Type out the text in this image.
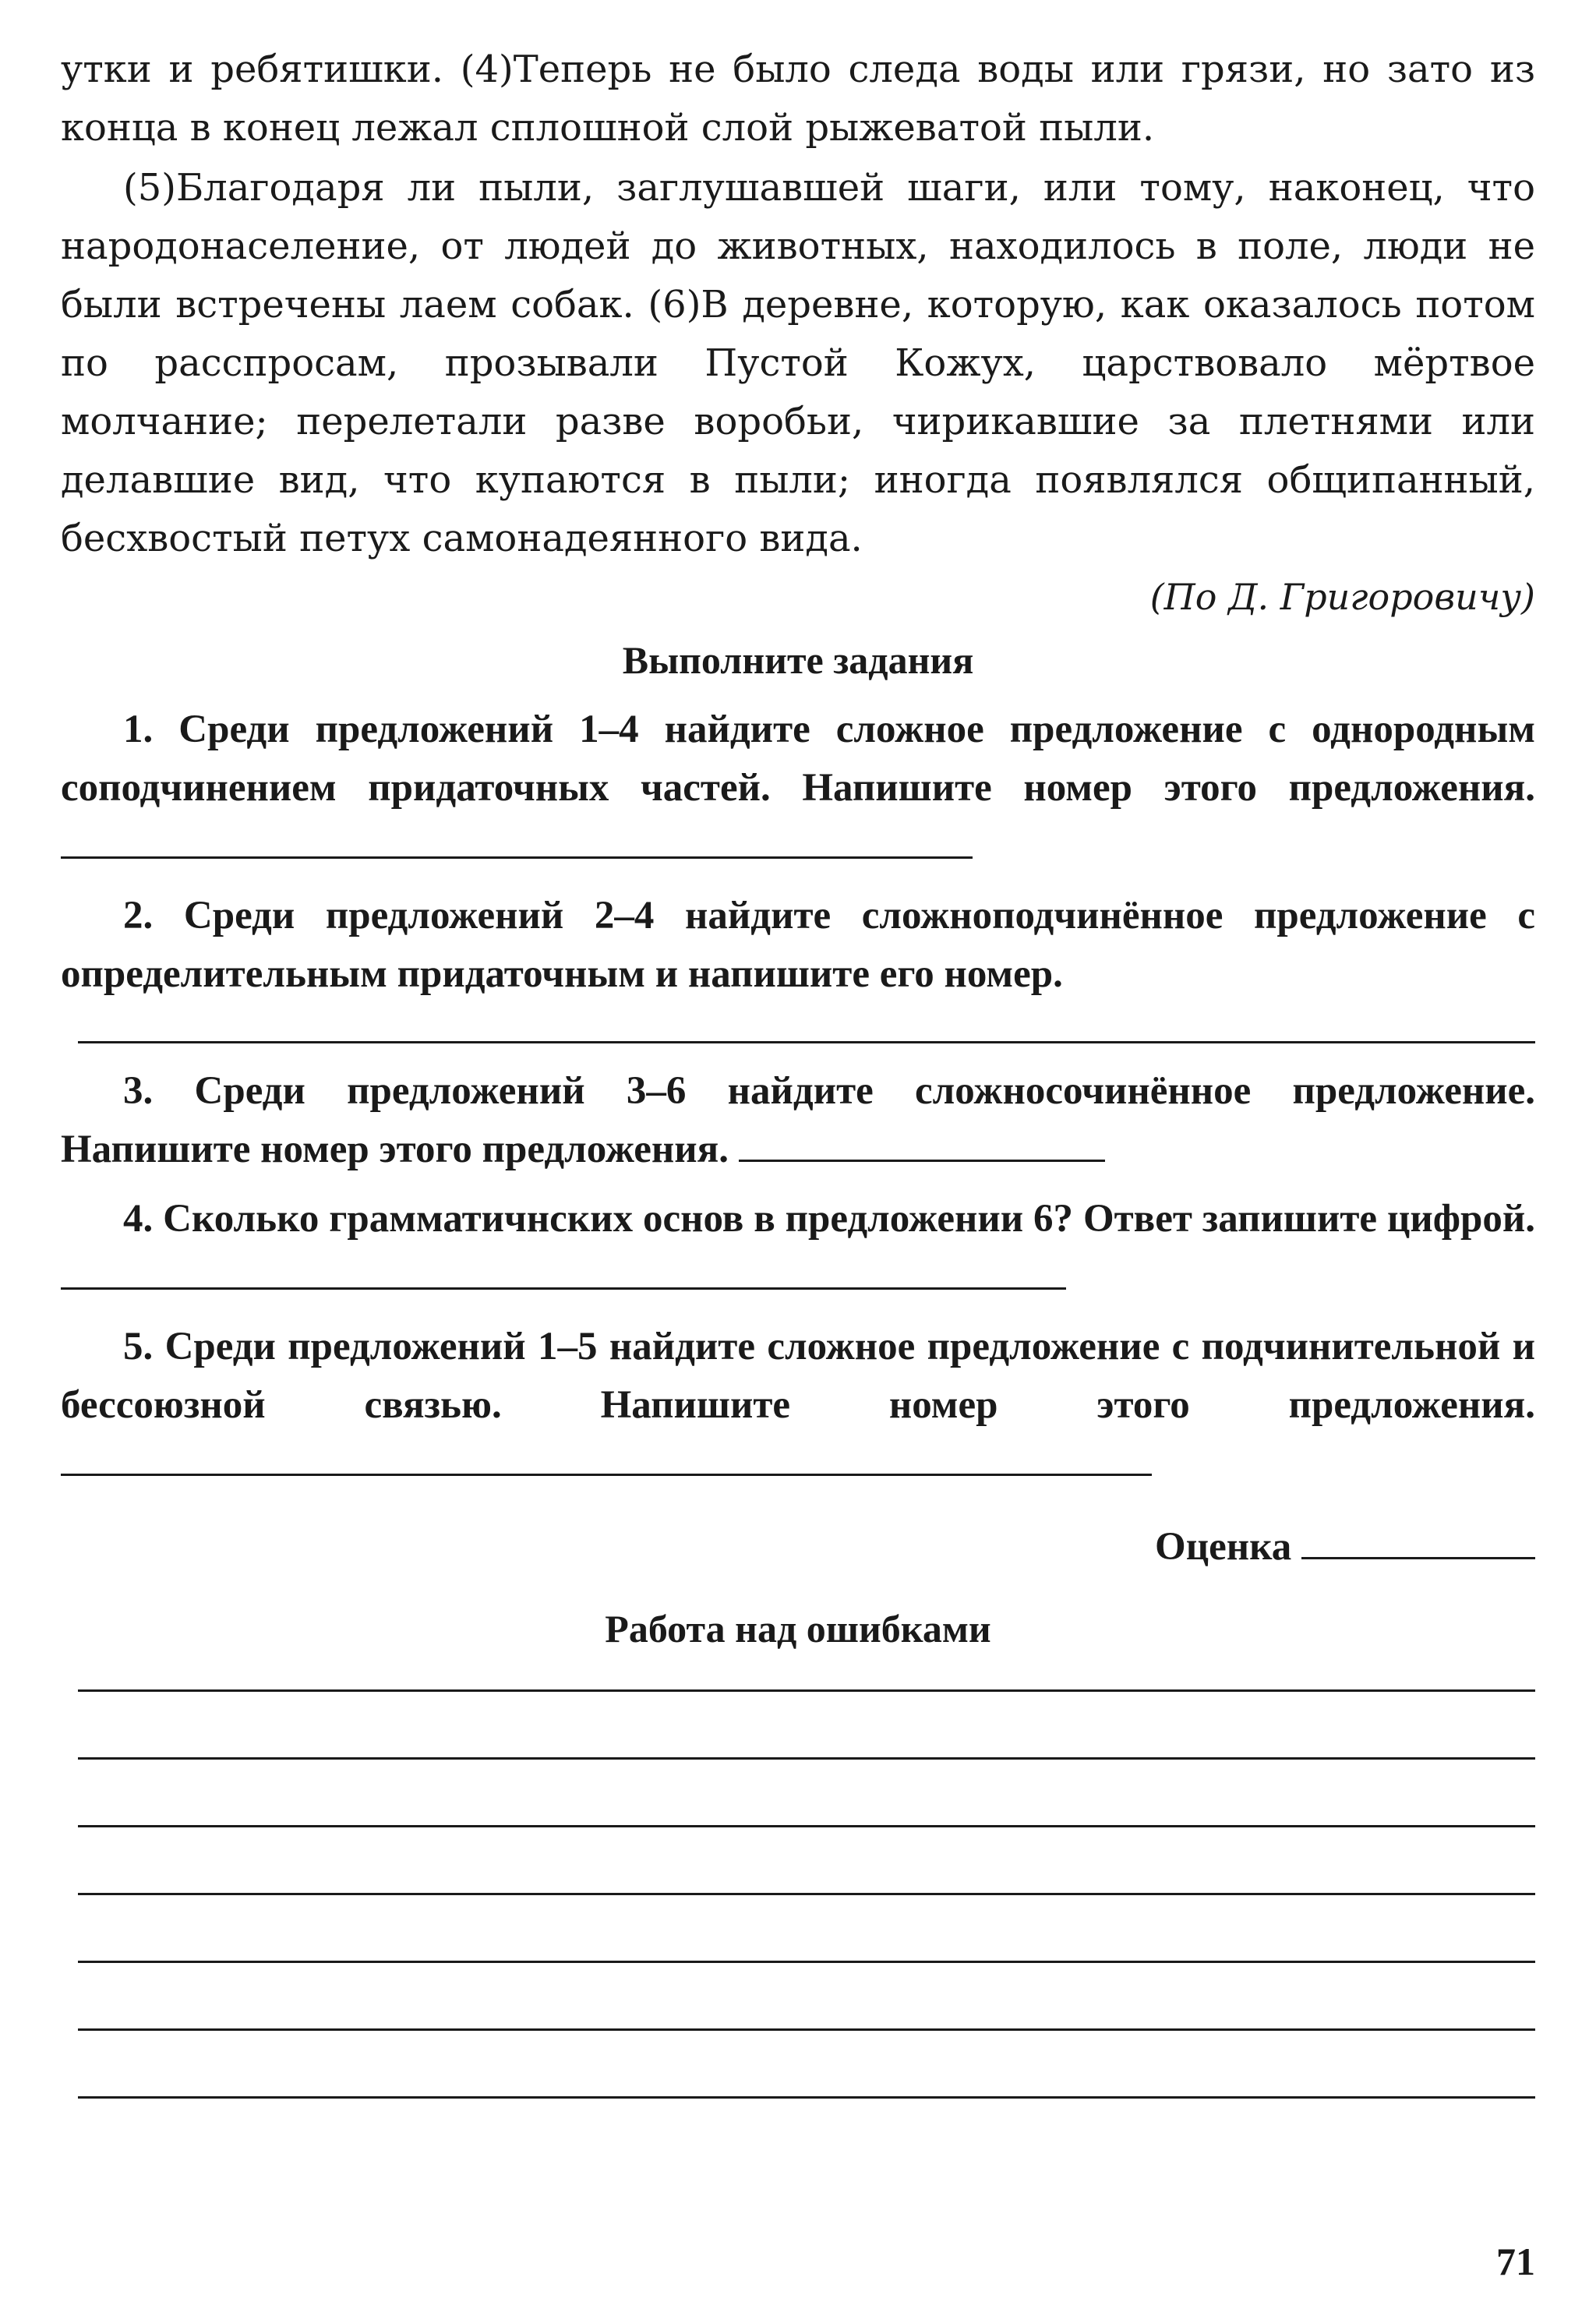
утки и ребятишки. (4)Теперь не было следа воды или грязи, но зато из конца в конец лежал сплошной слой рыжеватой пыли.

(5)Благодаря ли пыли, заглушавшей шаги, или тому, наконец, что народонаселение, от людей до животных, находилось в поле, люди не были встречены лаем собак. (6)В деревне, которую, как оказалось потом по расспросам, прозывали Пустой Кожух, царствовало мёртвое молчание; перелетали разве воробьи, чирикавшие за плетнями или делавшие вид, что купаются в пыли; иногда появлялся общипанный, бесхвостый петух самонадеянного вида.

(По Д. Григоровичу)

Выполните задания

1. Среди предложений 1–4 найдите сложное предложение с однородным соподчинением придаточных частей. Напишите номер этого предложения.

2. Среди предложений 2–4 найдите сложноподчинённое предложение с определительным придаточным и напишите его номер.

3. Среди предложений 3–6 найдите сложносочинённое предложение. Напишите номер этого предложения.

4. Сколько грамматичнских основ в предложении 6? Ответ запишите цифрой.

5. Среди предложений 1–5 найдите сложное предложение с подчинительной и бессоюзной связью. Напишите номер этого предложения.

Оценка

Работа над ошибками

71
